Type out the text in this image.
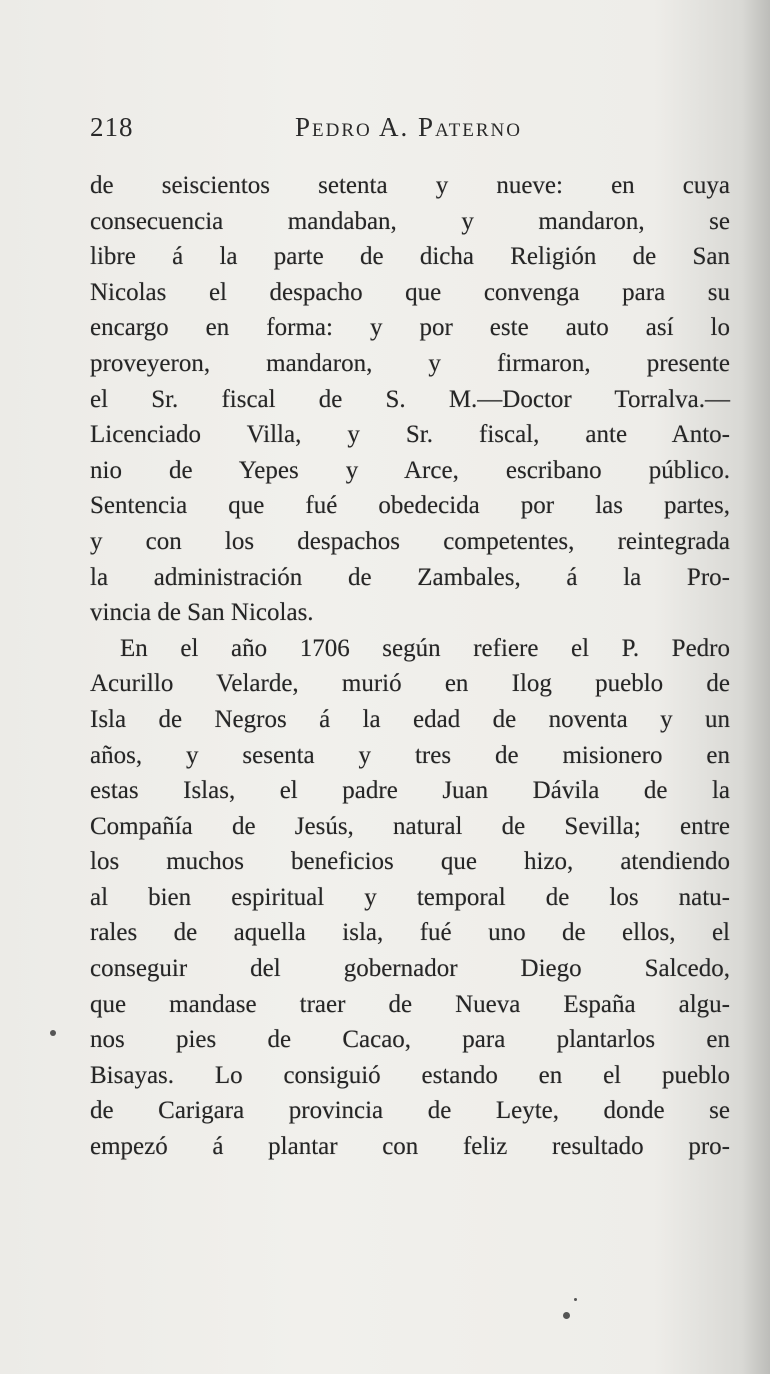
218	Pedro A. Paterno
de seiscientos setenta y nueve: en cuya
consecuencia mandaban, y mandaron, se
libre á la parte de dicha Religión de San
Nicolas el despacho que convenga para su
encargo en forma: y por este auto así lo
proveyeron, mandaron, y firmaron, presente
el Sr. fiscal de S. M.—Doctor Torralva.—
Licenciado Villa, y Sr. fiscal, ante Anto-
nio de Yepes y Arce, escribano público.
Sentencia que fué obedecida por las partes,
y con los despachos competentes, reintegrada
la administración de Zambales, á la Pro-
vincia de San Nicolas.
En el año 1706 según refiere el P. Pedro
Acurillo Velarde, murió en Ilog pueblo de
Isla de Negros á la edad de noventa y un
años, y sesenta y tres de misionero en
estas Islas, el padre Juan Dávila de la
Compañía de Jesús, natural de Sevilla; entre
los muchos beneficios que hizo, atendiendo
al bien espiritual y temporal de los natu-
rales de aquella isla, fué uno de ellos, el
conseguir del gobernador Diego Salcedo,
que mandase traer de Nueva España algu-
nos pies de Cacao, para plantarlos en
Bisayas. Lo consiguió estando en el pueblo
de Carigara provincia de Leyte, donde se
empezó á plantar con feliz resultado pro-
